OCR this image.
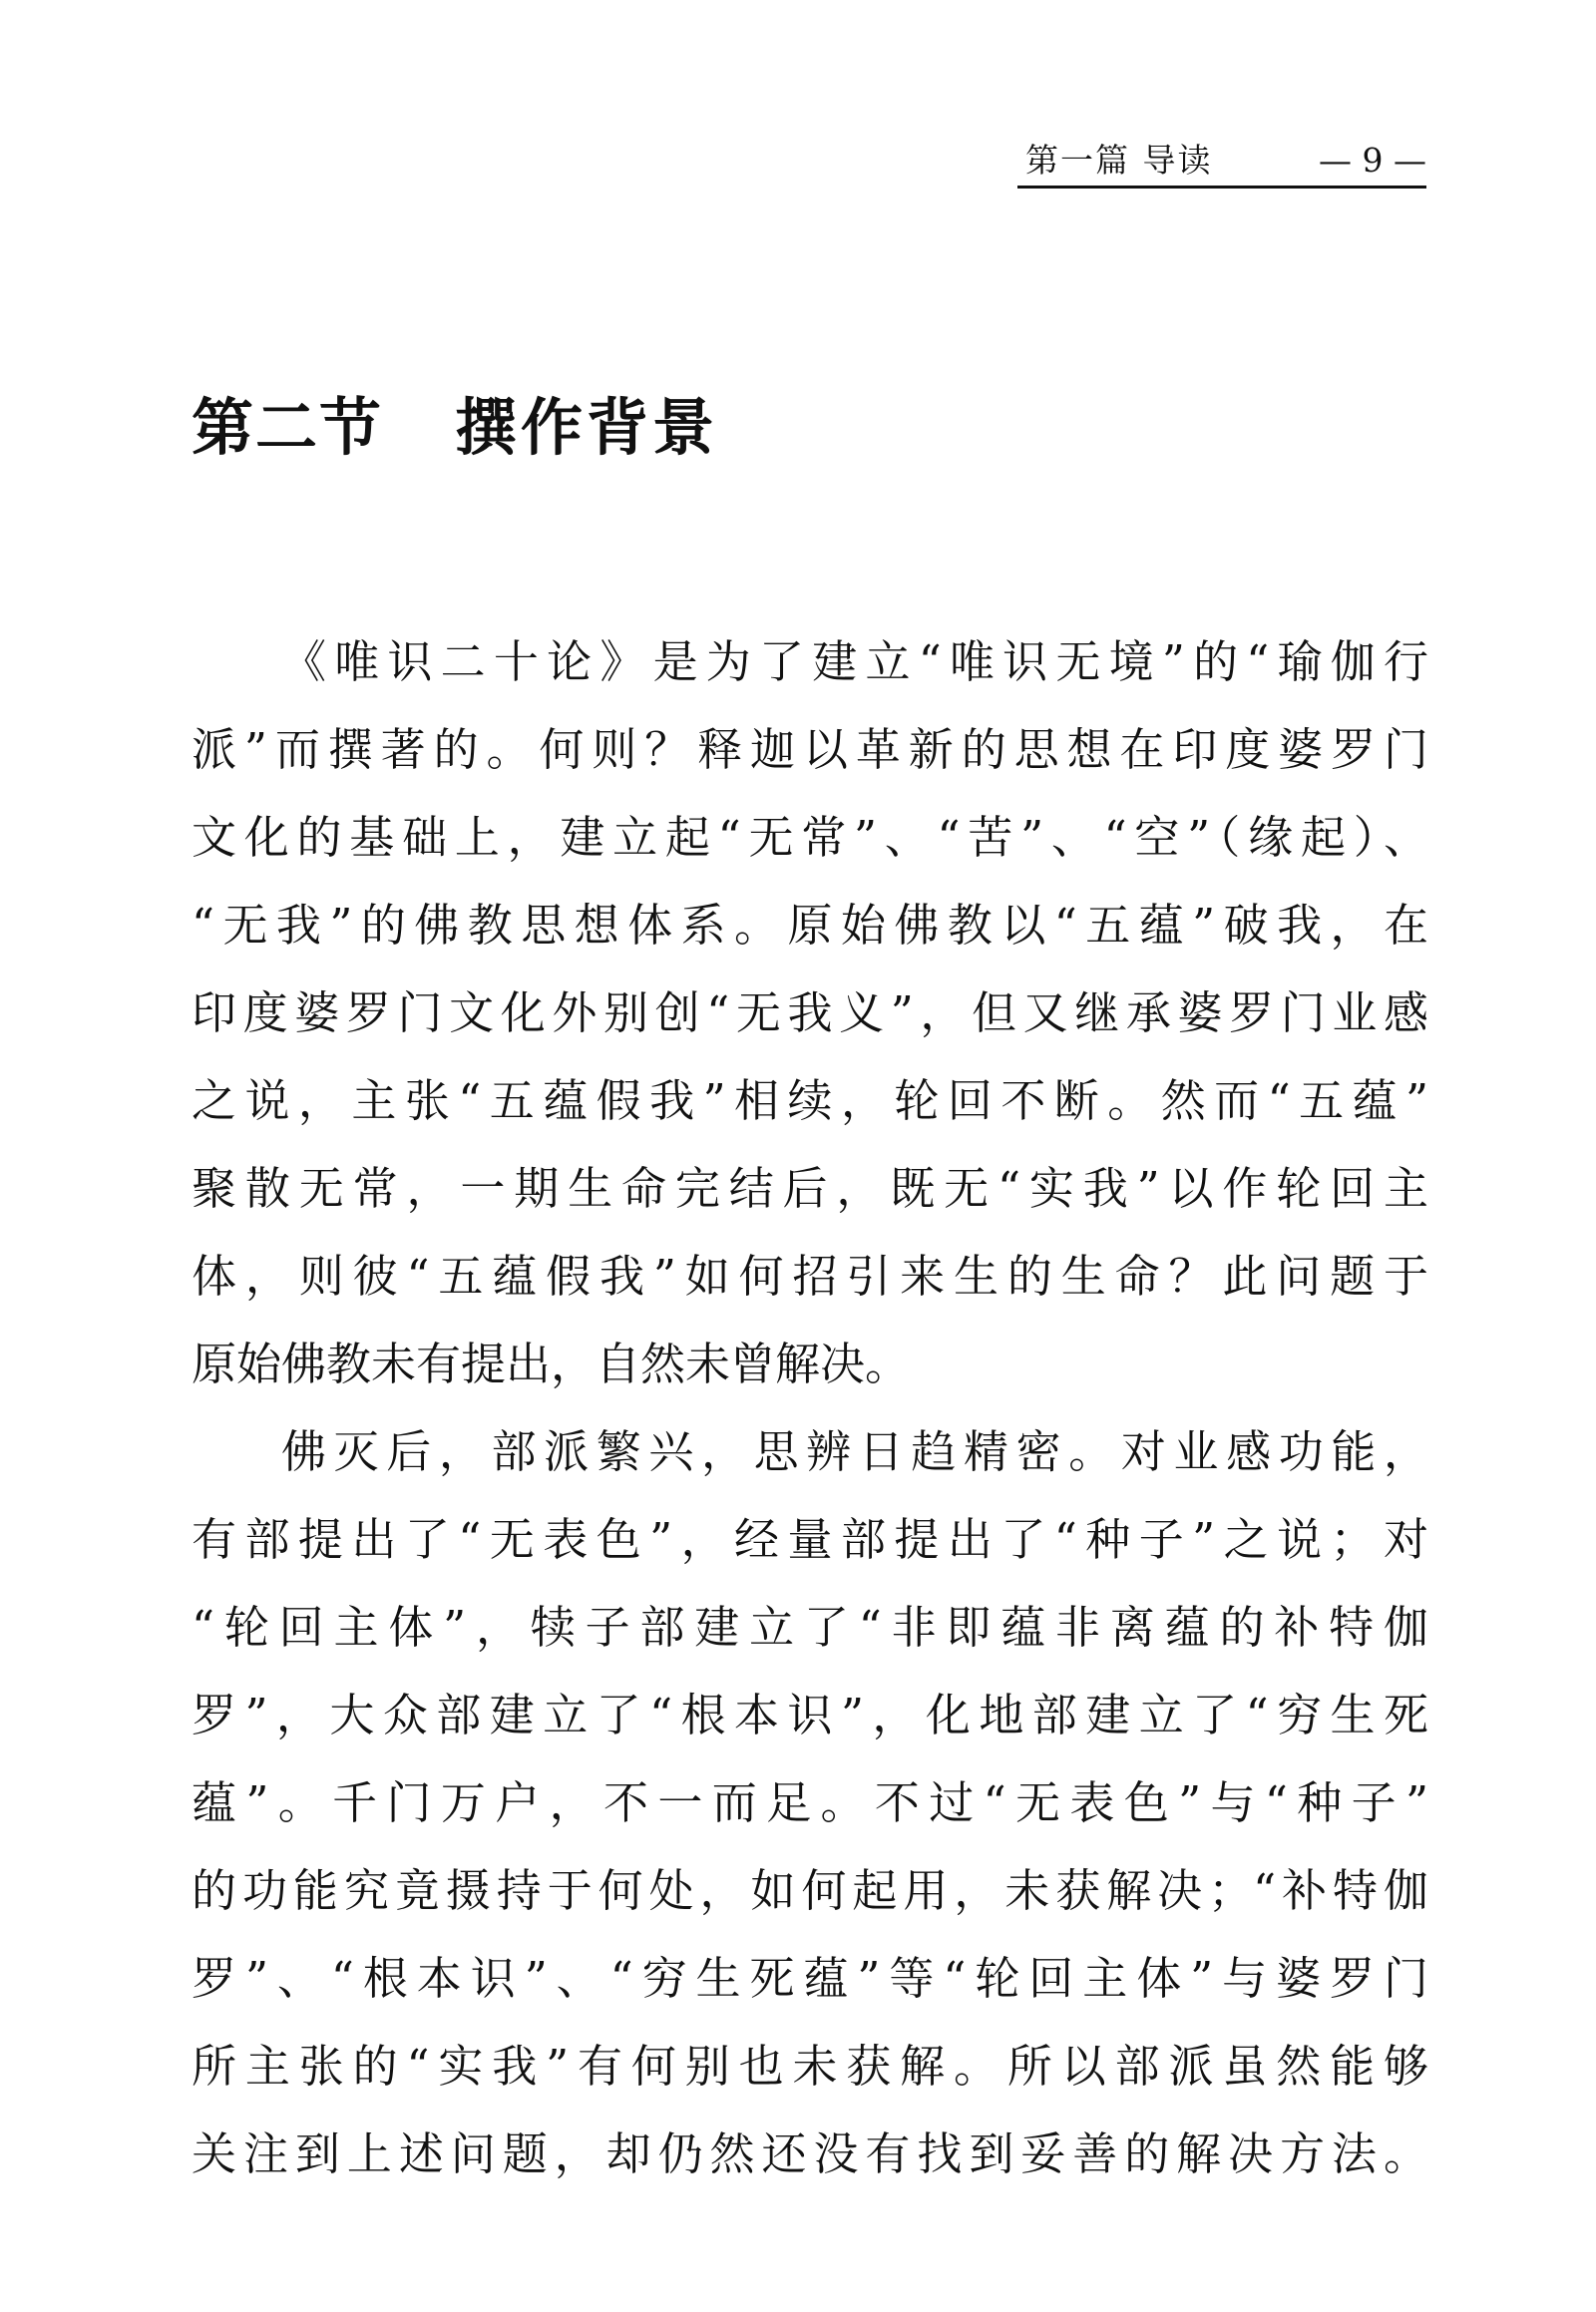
第一篇 导读	— 9 —
第二节 撰作背景
《唯识二十论》是为了建立“唯识无境”的“瑜伽行
派”而撰著的。何则？释迦以革新的思想在印度婆罗门
文化的基础上，建立起“无常”、“苦”、“空”（缘起）、
“无我”的佛教思想体系。原始佛教以“五蕴”破我，在
印度婆罗门文化外别创“无我义”，但又继承婆罗门业感
之说，主张“五蕴假我”相续，轮回不断。然而“五蕴”
聚散无常，一期生命完结后，既无“实我”以作轮回主
体，则彼“五蕴假我”如何招引来生的生命？此问题于
原始佛教未有提出，自然未曾解决。
佛灭后，部派繁兴，思辨日趋精密。对业感功能，
有部提出了“无表色”，经量部提出了“种子”之说；对
“轮回主体”，犊子部建立了“非即蕴非离蕴的补特伽
罗”，大众部建立了“根本识”，化地部建立了“穷生死
蕴”。千门万户，不一而足。不过“无表色”与“种子”
的功能究竟摄持于何处，如何起用，未获解决；“补特伽
罗”、“根本识”、“穷生死蕴”等“轮回主体”与婆罗门
所主张的“实我”有何别也未获解。所以部派虽然能够
关注到上述问题，却仍然还没有找到妥善的解决方法。
